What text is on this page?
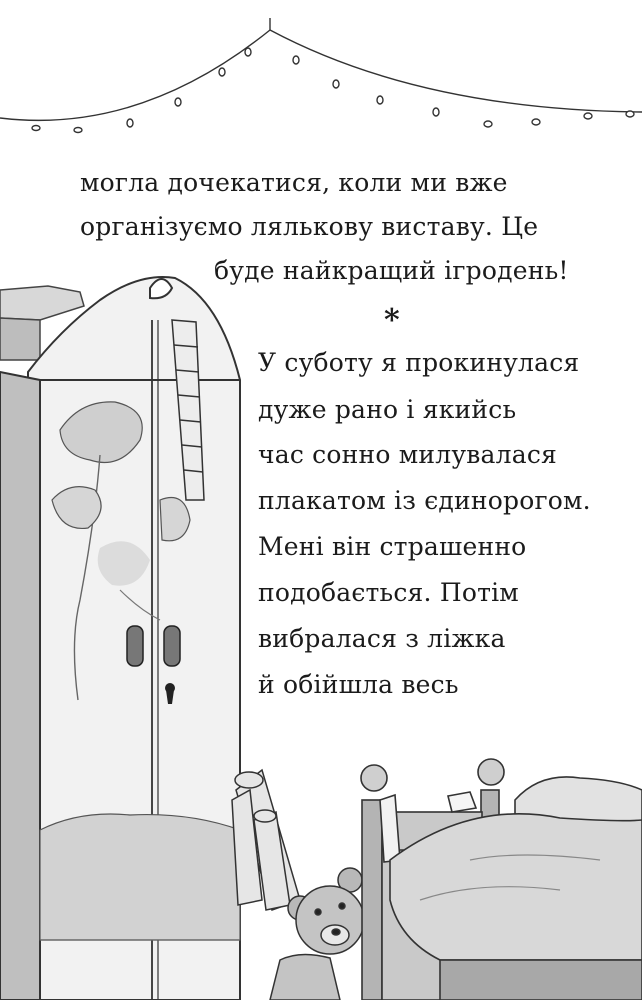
могла дочекатися, коли ми вже
організуємо лялькову виставу. Це
буде найкращий ігродень!
*
У суботу я прокинулася
дуже рано і якийсь
час сонно милувалася
плакатом із єдинорогом.
Мені він страшенно
подобається. Потім
вибралася з ліжка
й обійшла весь
